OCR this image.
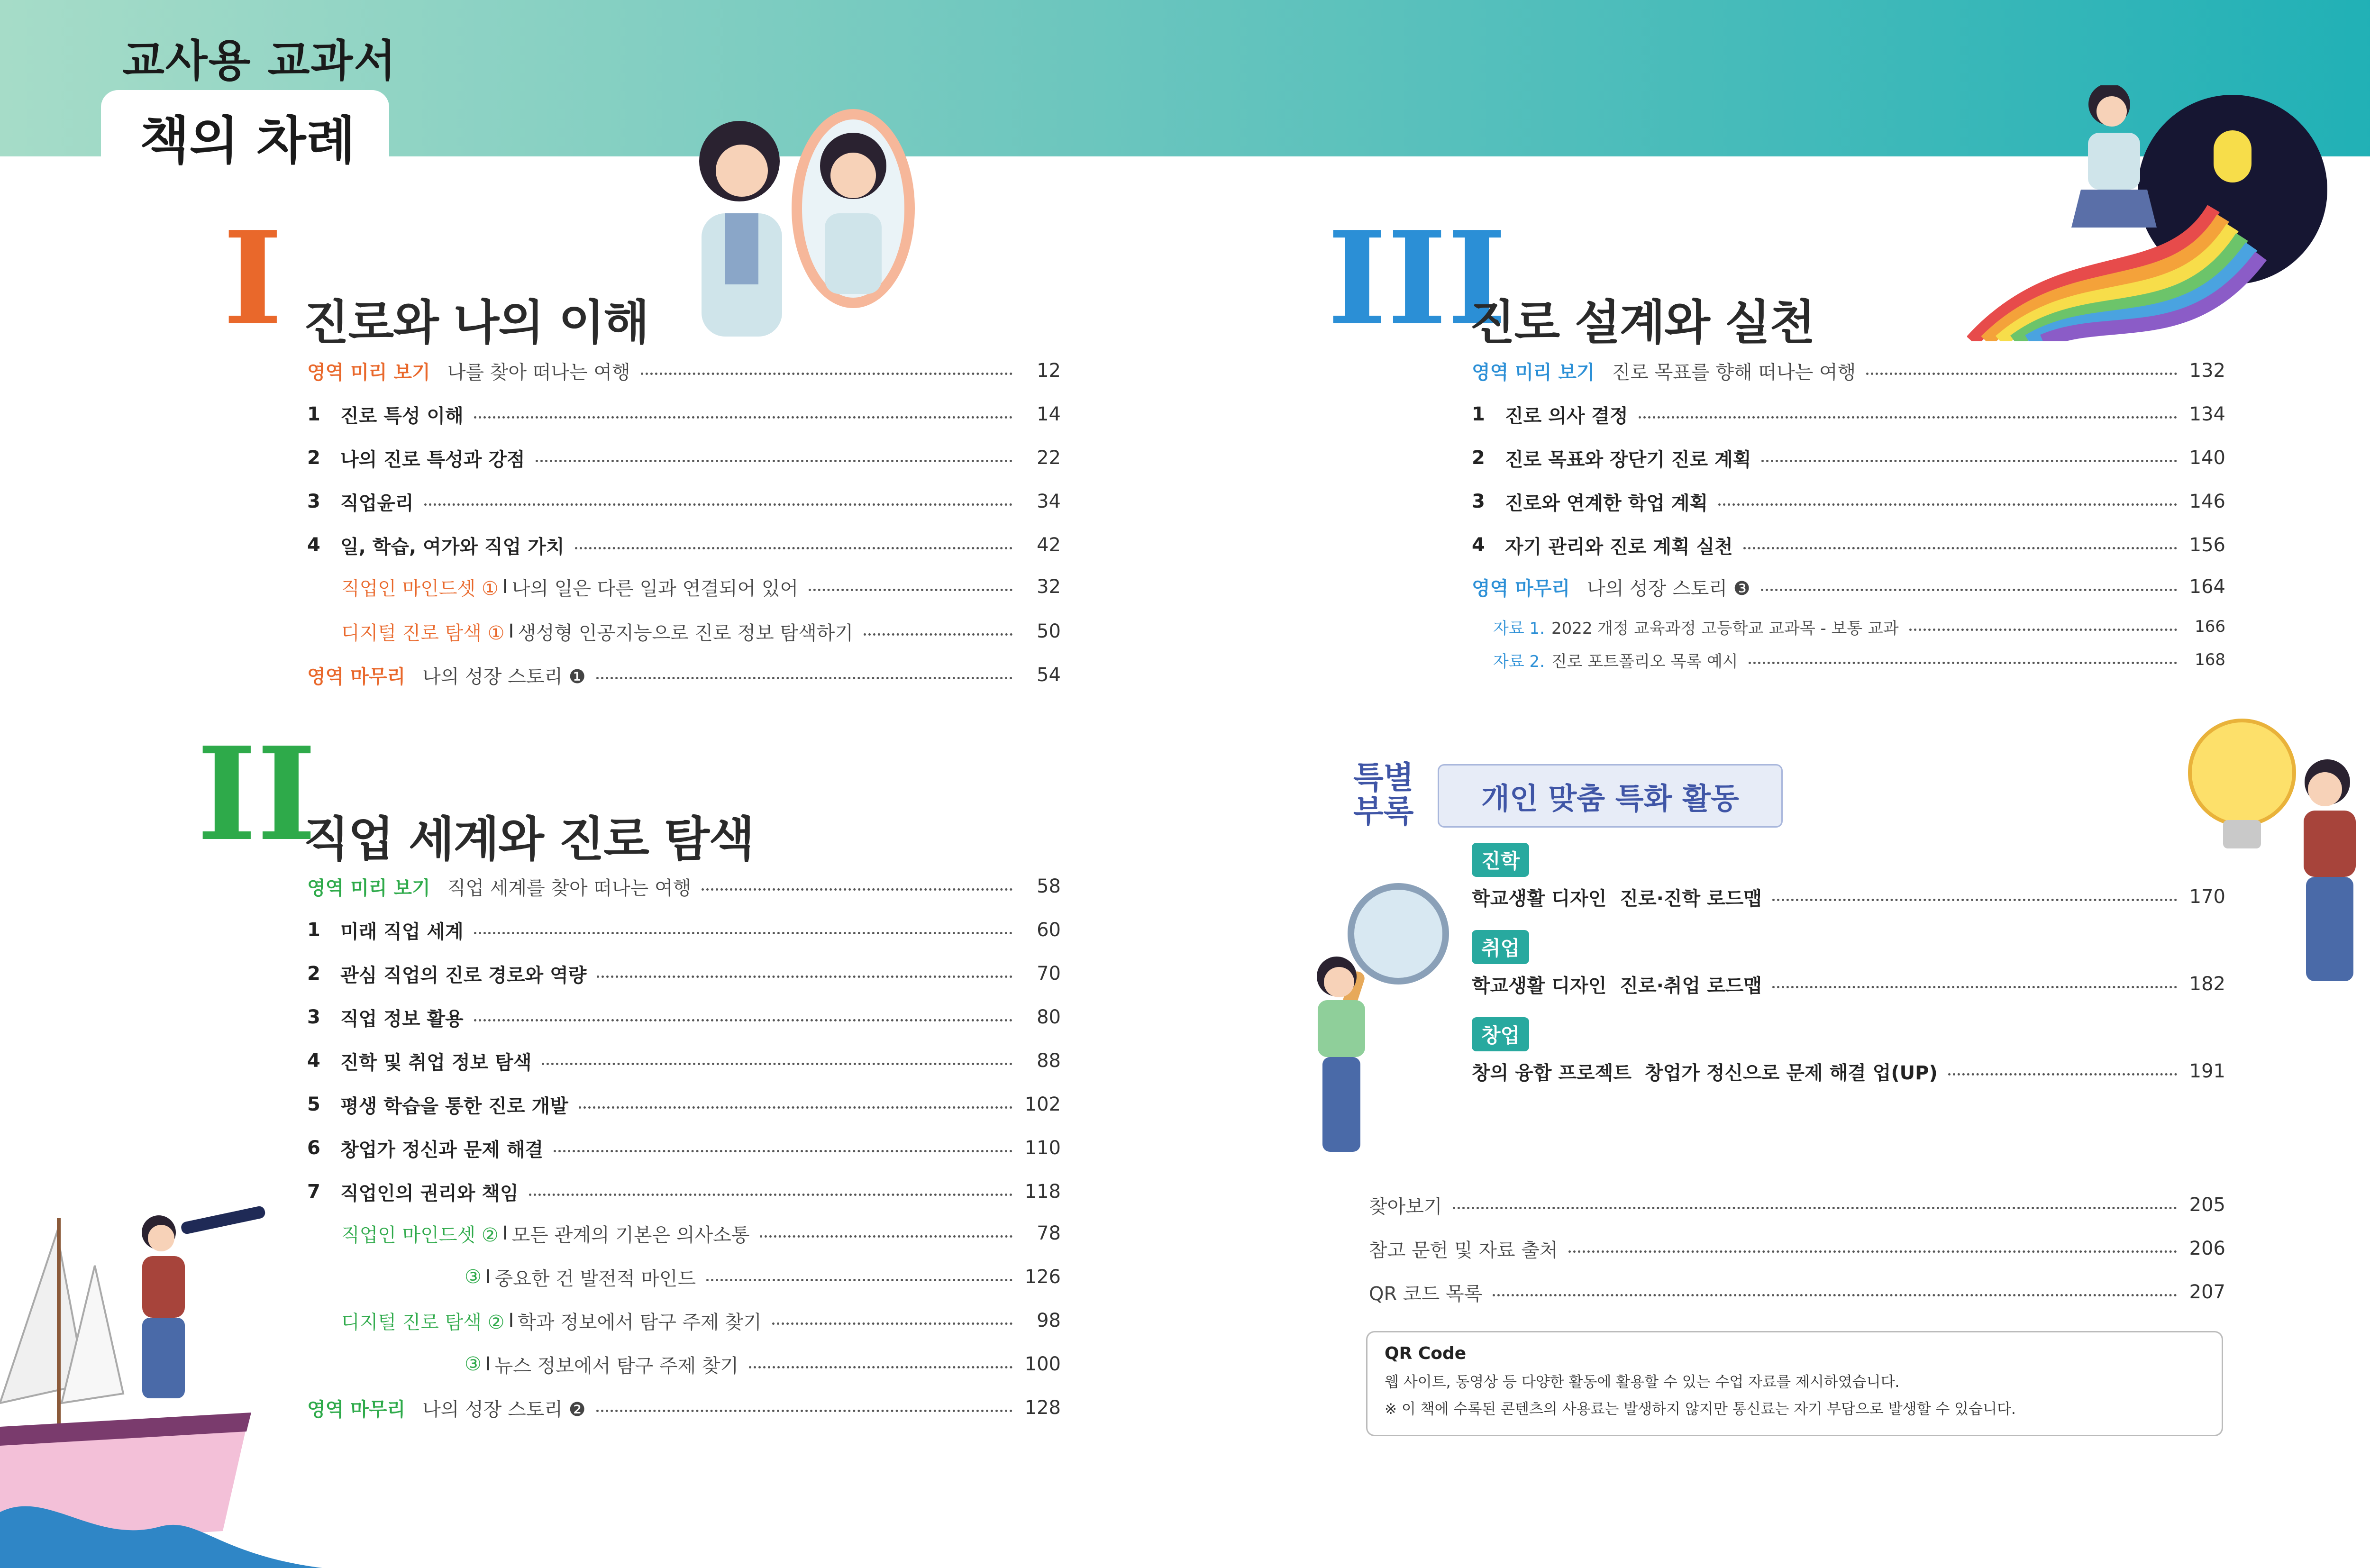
교사용 교과서
책의 차례
I 진로와 나의 이해
영역 미리 보기 나를 찾아 떠나는 여행	12
1	진로 특성 이해	14
2	나의 진로 특성과 강점	22
3	직업윤리	34
4	일, 학습, 여가와 직업 가치	42
직업인 마인드셋 ① I 나의 일은 다른 일과 연결되어 있어	32
디지털 진로 탐색 ① I 생성형 인공지능으로 진로 정보 탐색하기	50
영역 마무리 나의 성장 스토리 ❶	54
II
직업 세계와 진로 탐색
영역 미리 보기 직업 세계를 찾아 떠나는 여행	58
1	미래 직업 세계	60
2	관심 직업의 진로 경로와 역량	70
3	직업 정보 활용	80
4	진학 및 취업 정보 탐색	88
5	평생 학습을 통한 진로 개발	102
6	창업가 정신과 문제 해결	110
7	직업인의 권리와 책임	118
직업인 마인드셋 ② I 모든 관계의 기본은 의사소통	78
③ I 중요한 건 발전적 마인드	126
디지털 진로 탐색 ② I 학과 정보에서 탐구 주제 찾기	98
③ I 뉴스 정보에서 탐구 주제 찾기	100
영역 마무리 나의 성장 스토리 ❷	128
III
진로 설계와 실천
영역 미리 보기 진로 목표를 향해 떠나는 여행	132
1	진로 의사 결정	134
2	진로 목표와 장단기 진로 계획	140
3	진로와 연계한 학업 계획	146
4	자기 관리와 진로 계획 실천	156
영역 마무리 나의 성장 스토리 ❸	164
자료 1. 2022 개정 교육과정 고등학교 교과목 - 보통 교과	166
자료 2. 진로 포트폴리오 목록 예시	168
특별
부록	개인 맞춤 특화 활동
진학
학교생활 디자인 진로·진학 로드맵	170
취업
학교생활 디자인 진로·취업 로드맵	182
창업
창의 융합 프로젝트 창업가 정신으로 문제 해결 업(UP)	191
찾아보기	205
참고 문헌 및 자료 출처	206
QR 코드 목록	207
QR Code
웹 사이트, 동영상 등 다양한 활동에 활용할 수 있는 수업 자료를 제시하였습니다.
※ 이 책에 수록된 콘텐츠의 사용료는 발생하지 않지만 통신료는 자기 부담으로 발생할 수 있습니다.
